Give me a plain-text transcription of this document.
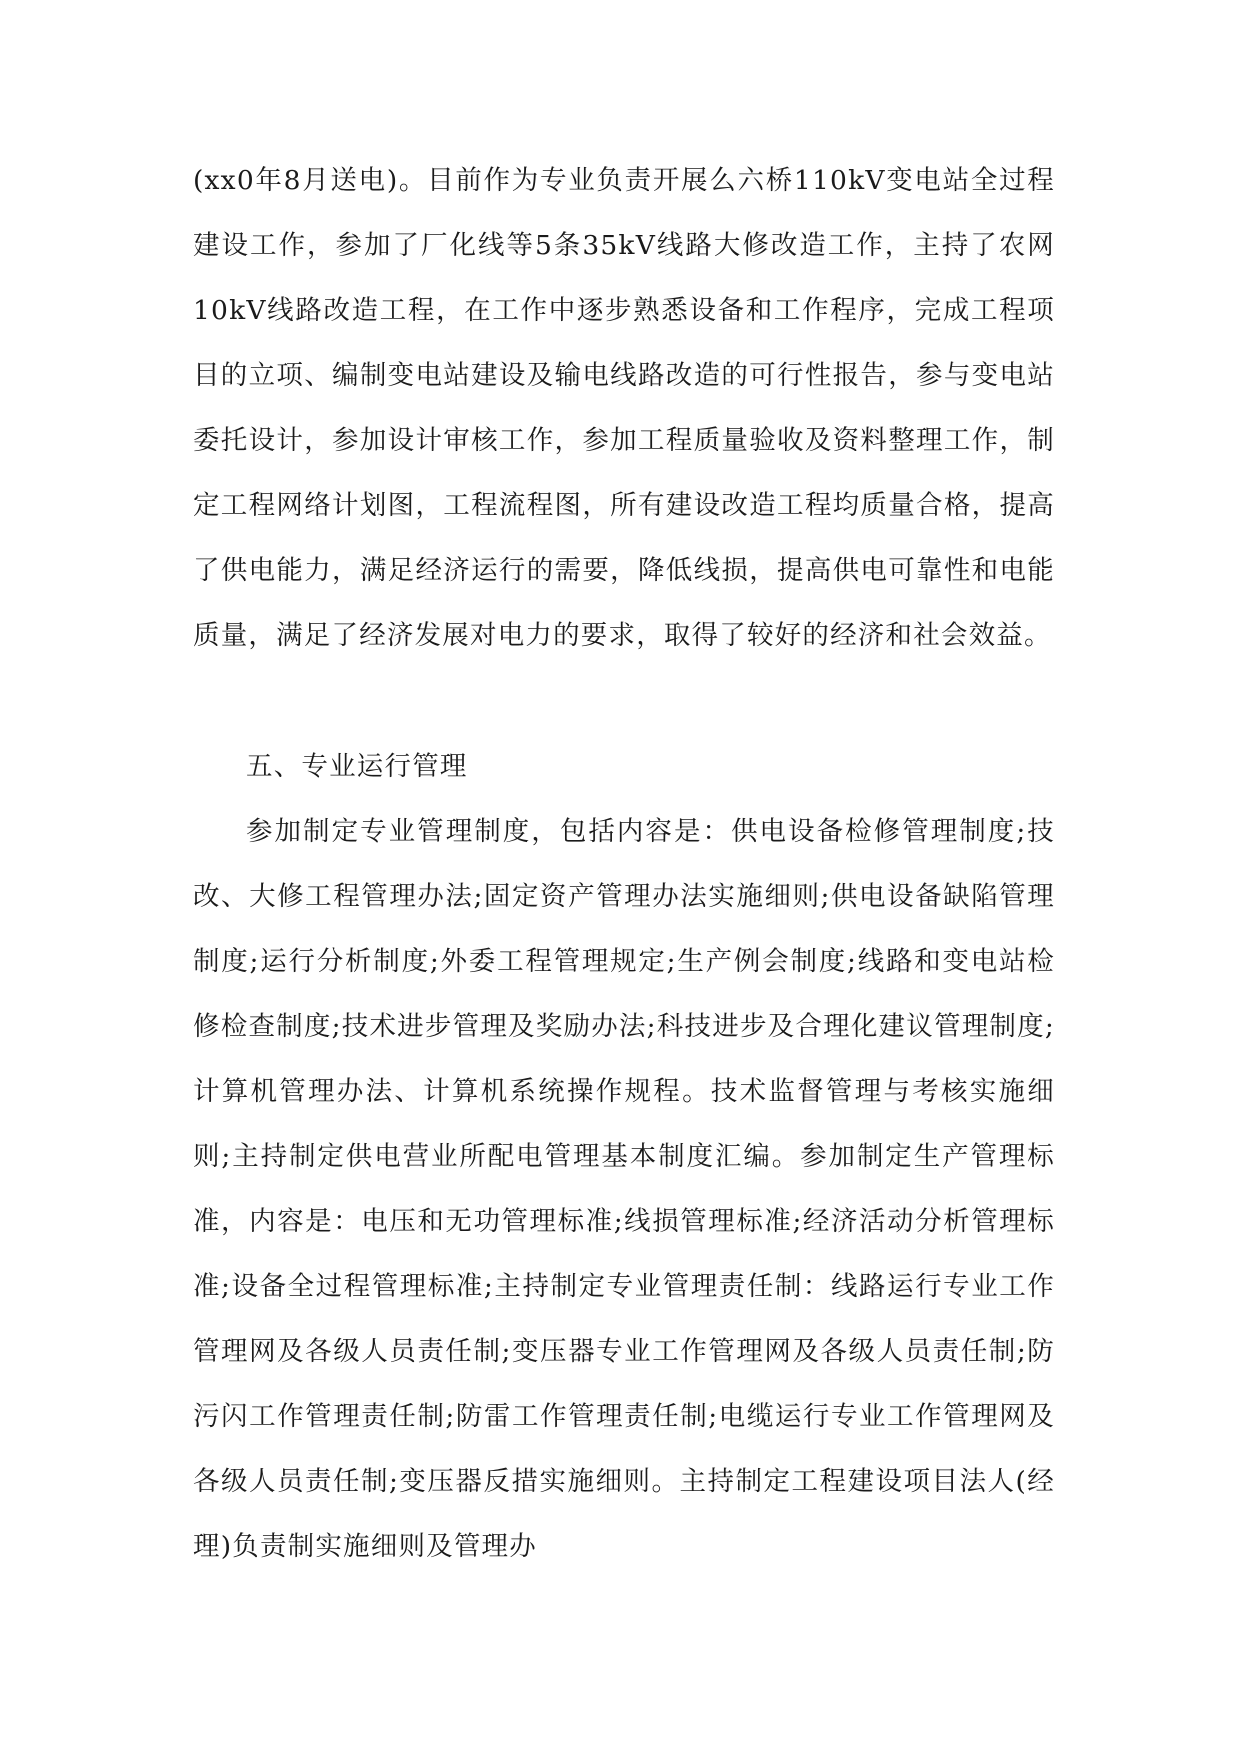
(xx0年8月送电)。目前作为专业负责开展么六桥110kV变电站全过程建设工作，参加了厂化线等5条35kV线路大修改造工作，主持了农网10kV线路改造工程，在工作中逐步熟悉设备和工作程序，完成工程项目的立项、编制变电站建设及输电线路改造的可行性报告，参与变电站委托设计，参加设计审核工作，参加工程质量验收及资料整理工作，制定工程网络计划图，工程流程图，所有建设改造工程均质量合格，提高了供电能力，满足经济运行的需要，降低线损，提高供电可靠性和电能质量，满足了经济发展对电力的要求，取得了较好的经济和社会效益。

五、专业运行管理

参加制定专业管理制度，包括内容是：供电设备检修管理制度;技改、大修工程管理办法;固定资产管理办法实施细则;供电设备缺陷管理制度;运行分析制度;外委工程管理规定;生产例会制度;线路和变电站检修检查制度;技术进步管理及奖励办法;科技进步及合理化建议管理制度;计算机管理办法、计算机系统操作规程。技术监督管理与考核实施细则;主持制定供电营业所配电管理基本制度汇编。参加制定生产管理标准，内容是：电压和无功管理标准;线损管理标准;经济活动分析管理标准;设备全过程管理标准;主持制定专业管理责任制：线路运行专业工作管理网及各级人员责任制;变压器专业工作管理网及各级人员责任制;防污闪工作管理责任制;防雷工作管理责任制;电缆运行专业工作管理网及各级人员责任制;变压器反措实施细则。主持制定工程建设项目法人(经理)负责制实施细则及管理办
